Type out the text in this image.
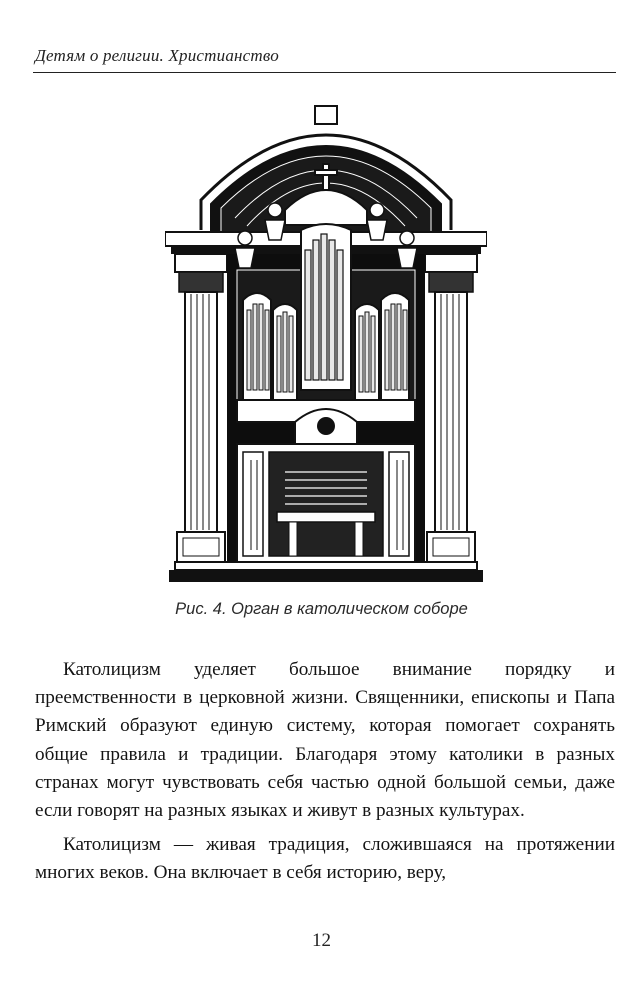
Детям о религии. Христианство
Рис. 4. Орган в католическом соборе

Католицизм уделяет большое внимание порядку и преемственности в церковной жизни. Священники, епископы и Папа Римский образуют единую систему, которая помогает сохранять общие правила и традиции. Благодаря этому католики в разных странах могут чувствовать себя частью одной большой семьи, даже если говорят на разных языках и живут в разных культурах.

Католицизм — живая традиция, сложившаяся на протяжении многих веков. Она включает в себя историю, веру,

12
